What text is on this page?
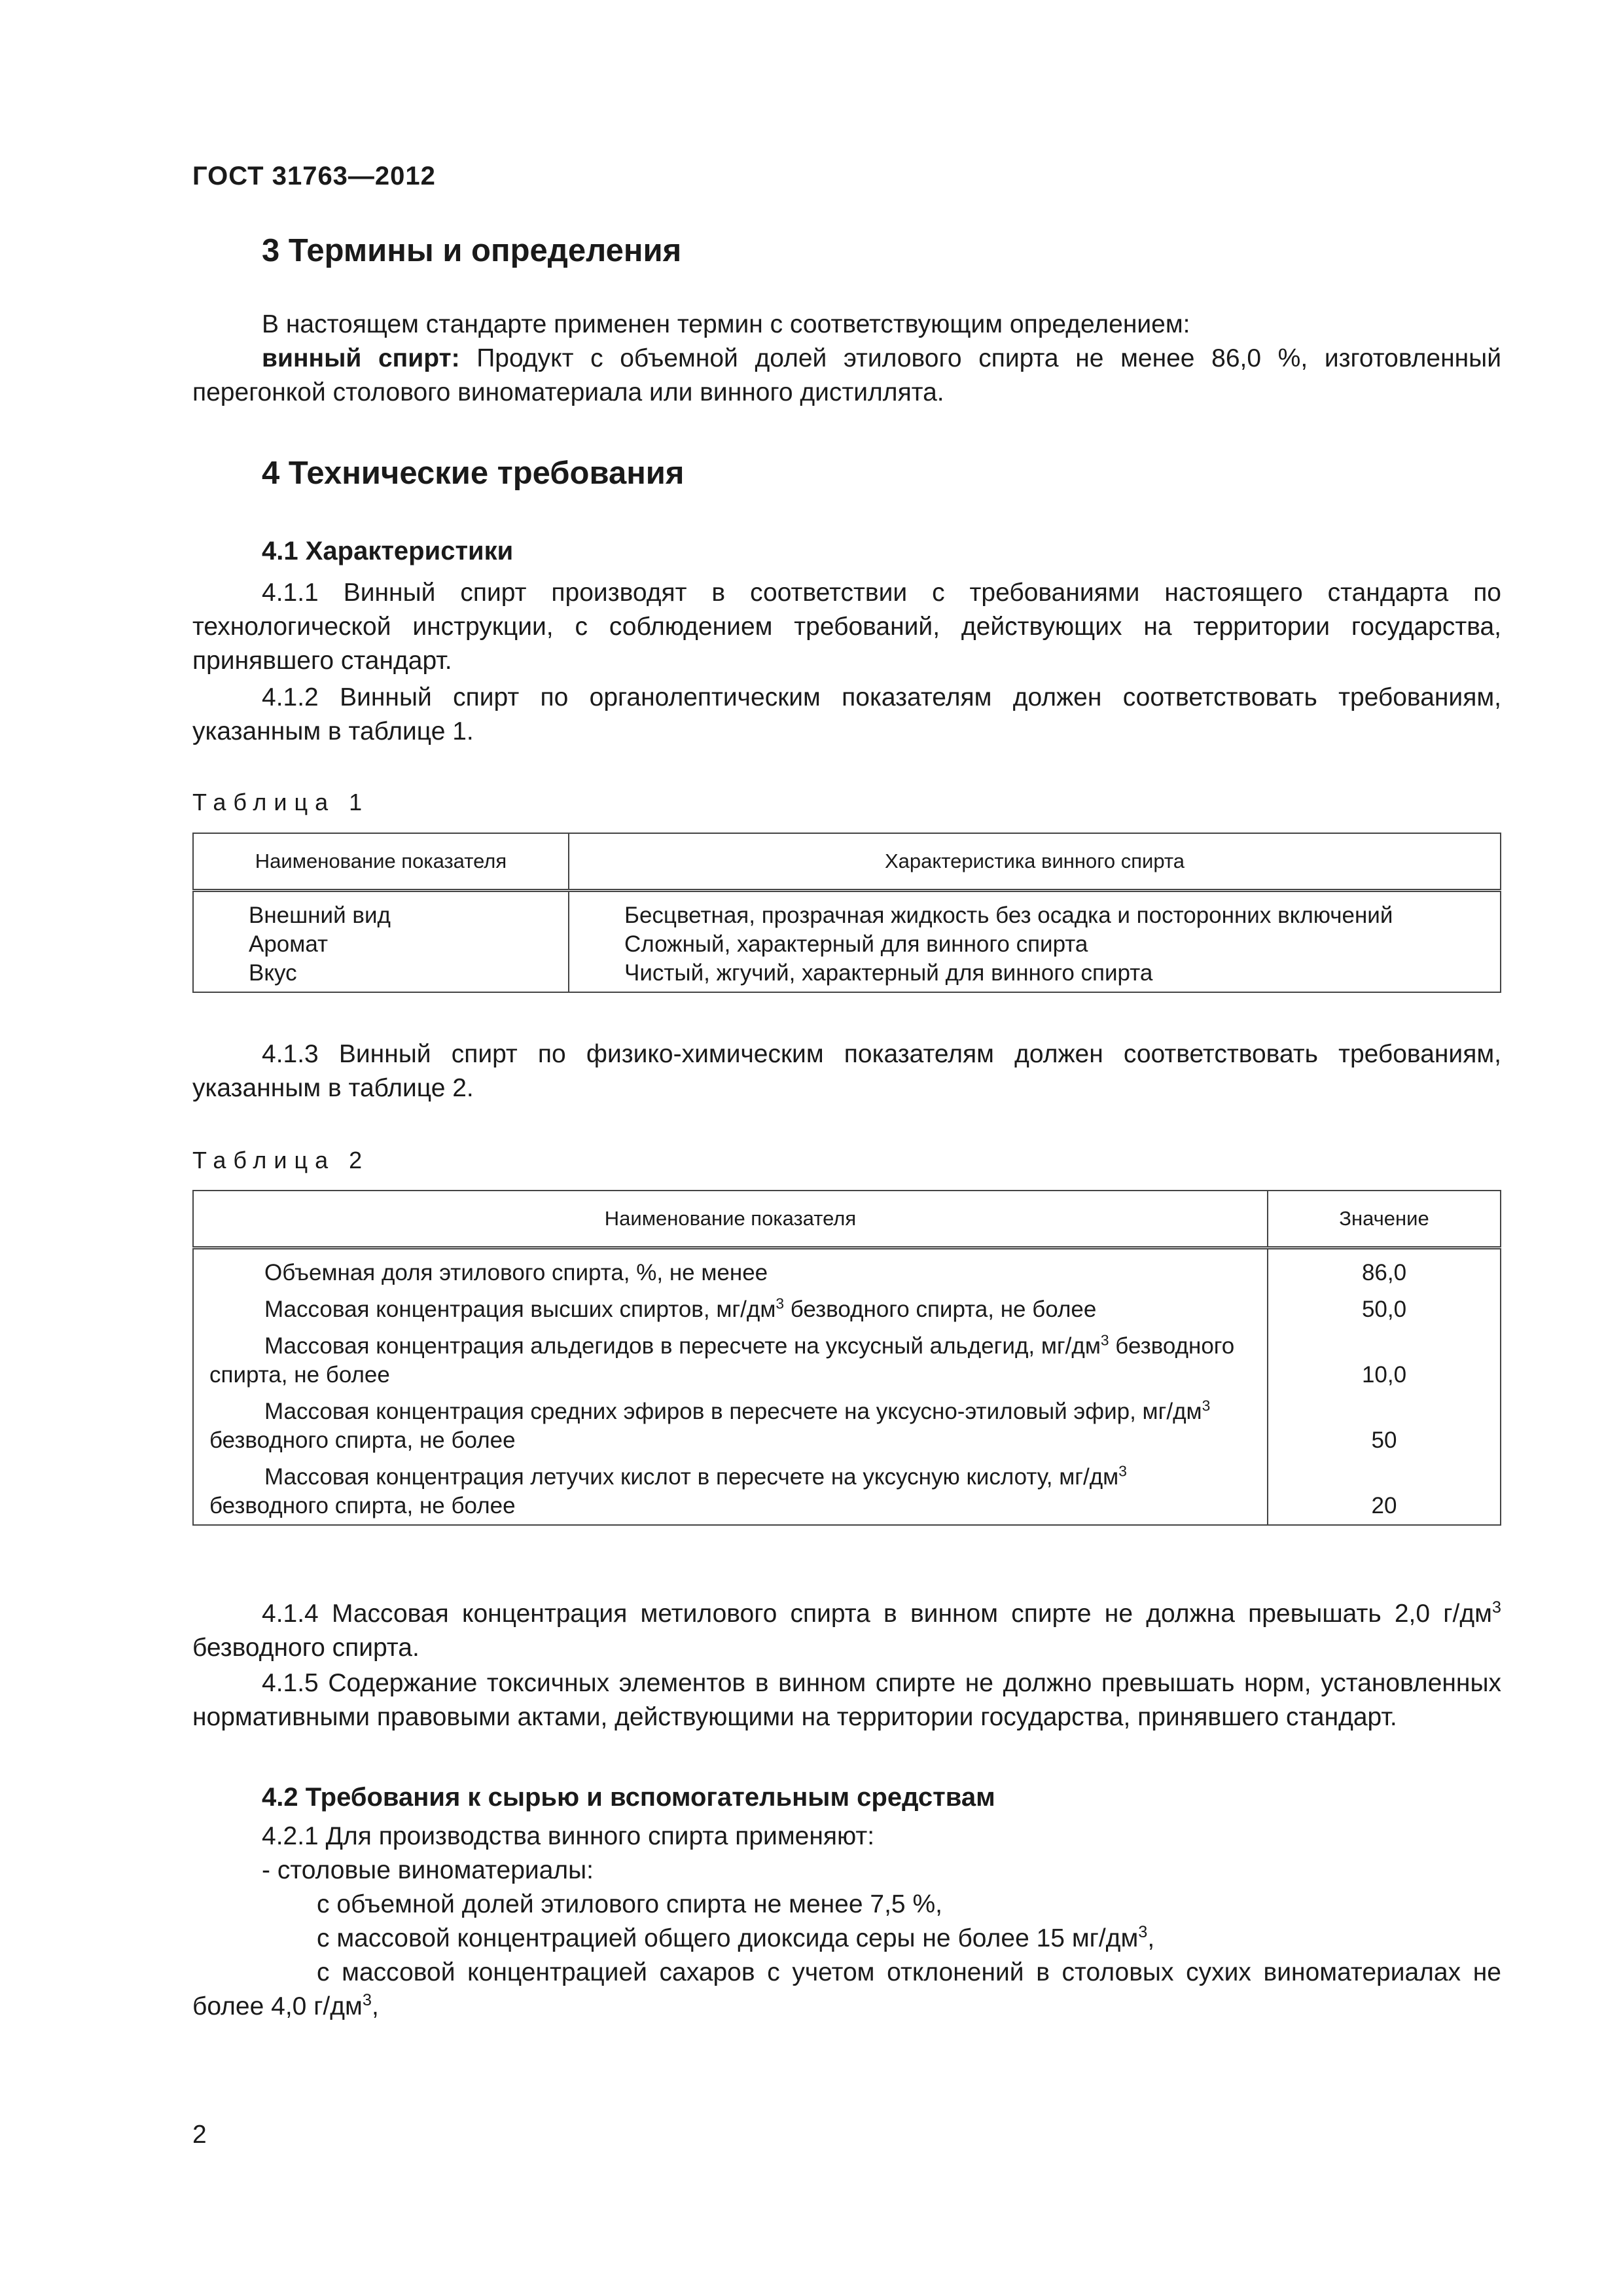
ГОСТ 31763—2012
3 Термины и определения
В настоящем стандарте применен термин с соответствующим определением:
винный спирт: Продукт с объемной долей этилового спирта не менее 86,0 %, изготовленный перегонкой столового виноматериала или винного дистиллята.
4 Технические требования
4.1 Характеристики
4.1.1 Винный спирт производят в соответствии с требованиями настоящего стандарта по технологической инструкции, с соблюдением требований, действующих на территории государства, принявшего стандарт.
4.1.2 Винный спирт по органолептическим показателям должен соответствовать требованиям, указанным в таблице 1.
Таблица 1
Наименование показателя	Характеристика винного спирта
Внешний вид	Бесцветная, прозрачная жидкость без осадка и посторонних включений
Аромат	Сложный, характерный для винного спирта
Вкус	Чистый, жгучий, характерный для винного спирта
4.1.3 Винный спирт по физико-химическим показателям должен соответствовать требованиям, указанным в таблице 2.
Таблица 2
Наименование показателя	Значение
Объемная доля этилового спирта, %, не менее	86,0
Массовая концентрация высших спиртов, $мг/дм^3$ безводного спирта, не более	50,0
Массовая концентрация альдегидов в пересчете на уксусный альдегид, $мг/дм^3$ безводного спирта, не более	10,0
Массовая концентрация средних эфиров в пересчете на уксусно-этиловый эфир, $мг/дм^3$ безводного спирта, не более	50
Массовая концентрация летучих кислот в пересчете на уксусную кислоту, $мг/дм^3$ безводного спирта, не более	20
4.1.4 Массовая концентрация метилового спирта в винном спирте не должна превышать 2,0 $г/дм^3$ безводного спирта.
4.1.5 Содержание токсичных элементов в винном спирте не должно превышать норм, установленных нормативными правовыми актами, действующими на территории государства, принявшего стандарт.
4.2 Требования к сырью и вспомогательным средствам
4.2.1 Для производства винного спирта применяют:
- столовые виноматериалы:
с объемной долей этилового спирта не менее 7,5 %,
с массовой концентрацией общего диоксида серы не более 15 $мг/дм^3$,
с массовой концентрацией сахаров с учетом отклонений в столовых сухих виноматериалах не более 4,0 $г/дм^3$,
2
